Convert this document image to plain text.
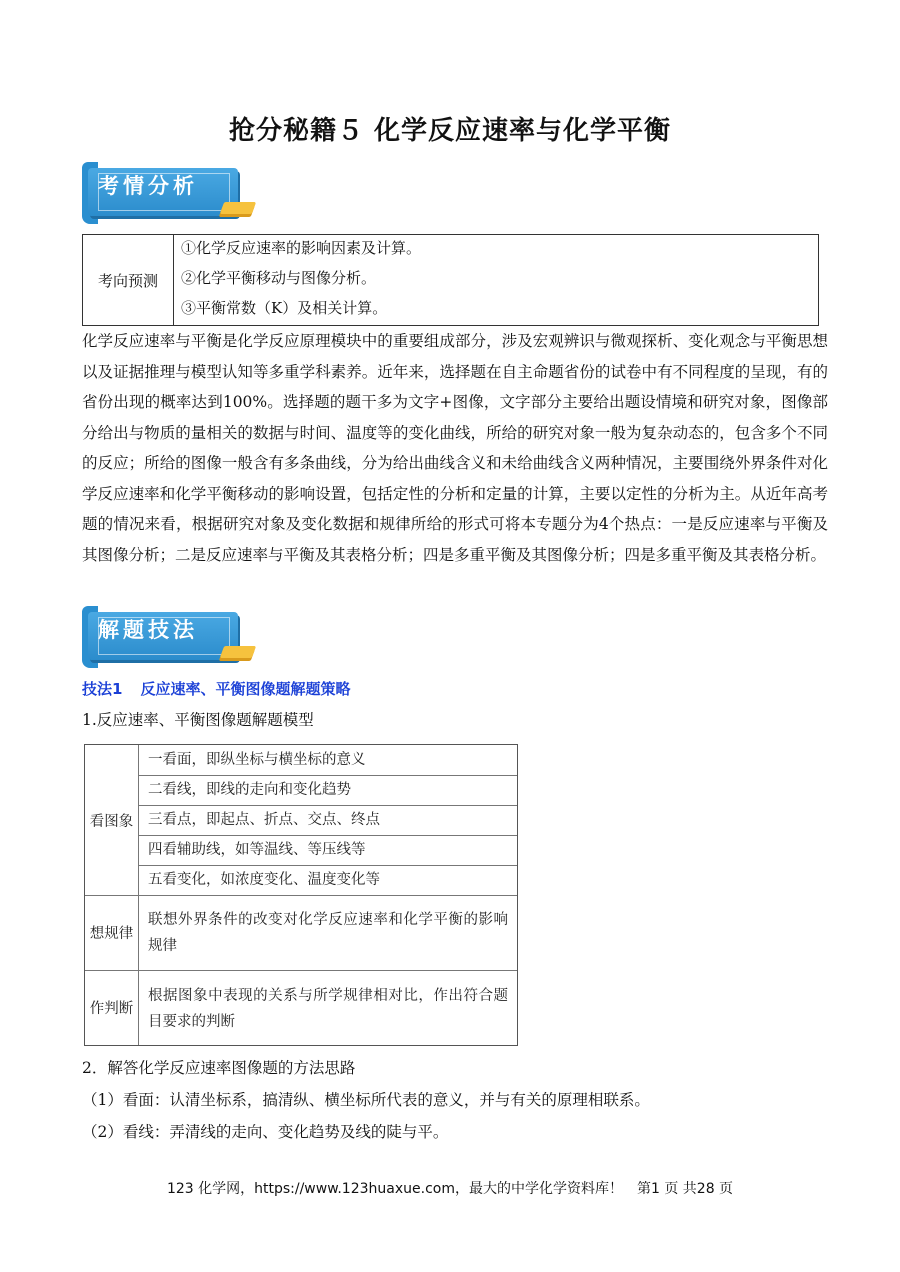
抢分秘籍５ 化学反应速率与化学平衡
考情分析
考向预测
①化学反应速率的影响因素及计算。
②化学平衡移动与图像分析。
③平衡常数（K）及相关计算。
化学反应速率与平衡是化学反应原理模块中的重要组成部分，涉及宏观辨识与微观探析、变化观念与平衡思想以及证据推理与模型认知等多重学科素养。近年来，选择题在自主命题省份的试卷中有不同程度的呈现，有的省份出现的概率达到100%。选择题的题干多为文字+图像，文字部分主要给出题设情境和研究对象，图像部分给出与物质的量相关的数据与时间、温度等的变化曲线，所给的研究对象一般为复杂动态的，包含多个不同的反应；所给的图像一般含有多条曲线，分为给出曲线含义和未给曲线含义两种情况，主要围绕外界条件对化学反应速率和化学平衡移动的影响设置，包括定性的分析和定量的计算，主要以定性的分析为主。从近年高考题的情况来看，根据研究对象及变化数据和规律所给的形式可将本专题分为4个热点：一是反应速率与平衡及其图像分析；二是反应速率与平衡及其表格分析；四是多重平衡及其图像分析；四是多重平衡及其表格分析。
解题技法
技法1 反应速率、平衡图像题解题策略
1.反应速率、平衡图像题解题模型
看图象
一看面，即纵坐标与横坐标的意义
二看线，即线的走向和变化趋势
三看点，即起点、折点、交点、终点
四看辅助线，如等温线、等压线等
五看变化，如浓度变化、温度变化等
想规律
联想外界条件的改变对化学反应速率和化学平衡的影响规律
作判断
根据图象中表现的关系与所学规律相对比，作出符合题目要求的判断
2．解答化学反应速率图像题的方法思路
（1）看面：认清坐标系，搞清纵、横坐标所代表的意义，并与有关的原理相联系。
（2）看线：弄清线的走向、变化趋势及线的陡与平。
123 化学网，https://www.123huaxue.com，最大的中学化学资料库！　第1 页 共28 页
